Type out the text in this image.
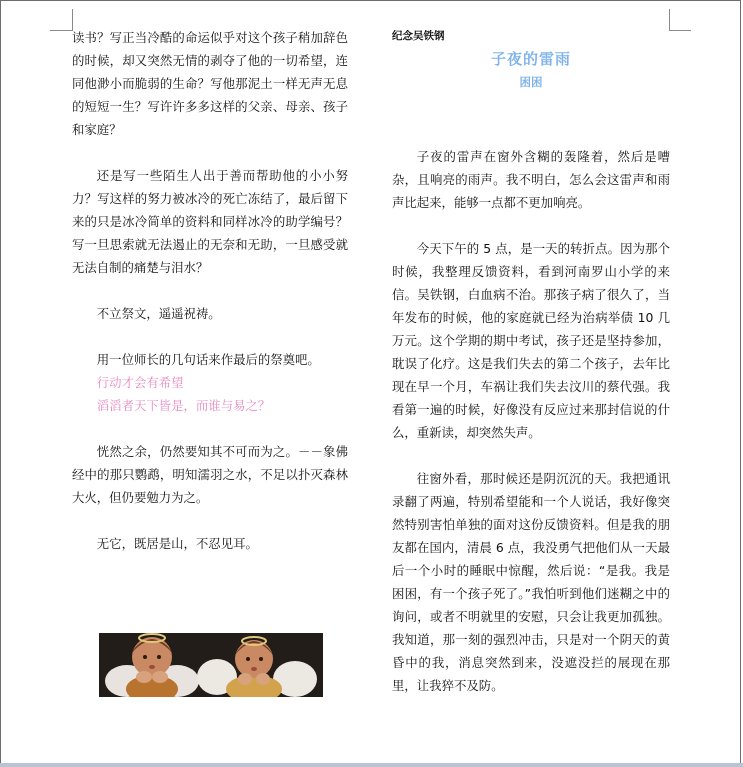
读书？写正当冷酷的命运似乎对这个孩子稍加辞色的时候，却又突然无情的剥夺了他的一切希望，连同他渺小而脆弱的生命？写他那泥土一样无声无息的短短一生？写许许多多这样的父亲、母亲、孩子和家庭？

还是写一些陌生人出于善而帮助他的小小努力？写这样的努力被冰冷的死亡冻结了，最后留下来的只是冰冷简单的资料和同样冰冷的助学编号？写一旦思索就无法遏止的无奈和无助，一旦感受就无法自制的痛楚与泪水？

不立祭文，遥遥祝祷。

用一位师长的几句话来作最后的祭奠吧。

行动才会有希望

滔滔者天下皆是，而谁与易之？

恍然之余，仍然要知其不可而为之。－－象佛经中的那只鹦鹉，明知濡羽之水，不足以扑灭森林大火，但仍要勉力为之。

无它，既居是山，不忍见耳。

纪念吴铁钢

子夜的雷雨

困困

子夜的雷声在窗外含糊的轰隆着，然后是嘈杂，且响亮的雨声。我不明白，怎么会这雷声和雨声比起来，能够一点都不更加响亮。

今天下午的 5 点，是一天的转折点。因为那个时候，我整理反馈资料，看到河南罗山小学的来信。吴铁钢，白血病不治。那孩子病了很久了，当年发布的时候，他的家庭就已经为治病举债 10 几万元。这个学期的期中考试，孩子还是坚持参加，耽误了化疗。这是我们失去的第二个孩子，去年比现在早一个月，车祸让我们失去汶川的蔡代强。我看第一遍的时候，好像没有反应过来那封信说的什么，重新读，却突然失声。

往窗外看，那时候还是阴沉沉的天。我把通讯录翻了两遍，特别希望能和一个人说话，我好像突然特别害怕单独的面对这份反馈资料。但是我的朋友都在国内，清晨 6 点，我没勇气把他们从一天最后一个小时的睡眠中惊醒，然后说：“是我。我是困困，有一个孩子死了。”我怕听到他们迷糊之中的询问，或者不明就里的安慰，只会让我更加孤独。我知道，那一刻的强烈冲击，只是对一个阴天的黄昏中的我，消息突然到来，没遮没拦的展现在那里，让我猝不及防。
